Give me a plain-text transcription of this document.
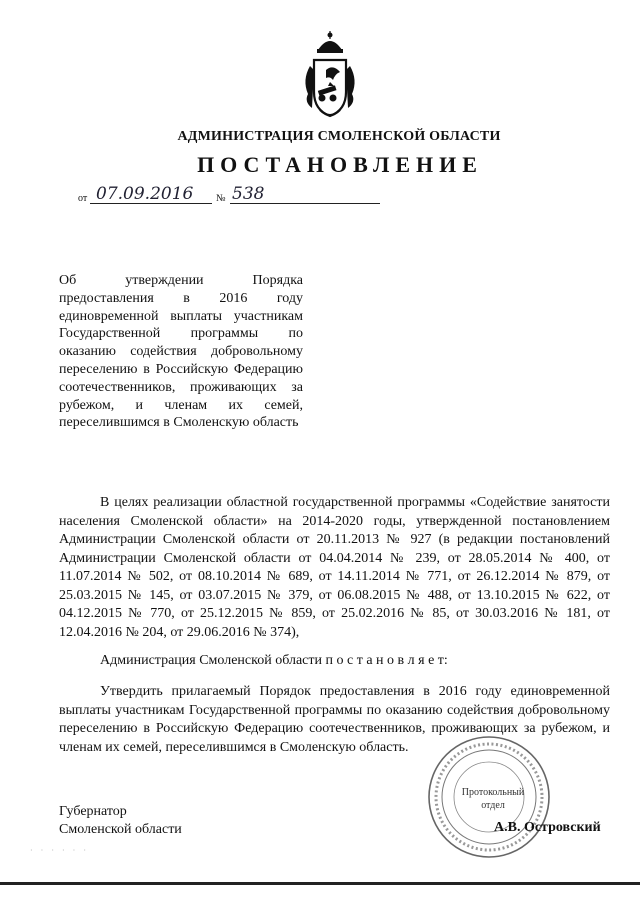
АДМИНИСТРАЦИЯ СМОЛЕНСКОЙ ОБЛАСТИ
ПОСТАНОВЛЕНИЕ
от 07.09.2016 № 538
Об утверждении Порядка предоставления в 2016 году единовременной выплаты участникам Государственной программы по оказанию содействия добровольному переселению в Российскую Федерацию соотечественников, проживающих за рубежом, и членам их семей, переселившимся в Смоленскую область
В целях реализации областной государственной программы «Содействие занятости населения Смоленской области» на 2014-2020 годы, утвержденной постановлением Администрации Смоленской области от 20.11.2013 № 927 (в редакции постановлений Администрации Смоленской области от 04.04.2014 № 239, от 28.05.2014 № 400, от 11.07.2014 № 502, от 08.10.2014 № 689, от 14.11.2014 № 771, от 26.12.2014 № 879, от 25.03.2015 № 145, от 03.07.2015 № 379, от 06.08.2015 № 488, от 13.10.2015 № 622, от 04.12.2015 № 770, от 25.12.2015 № 859, от 25.02.2016 № 85, от 30.03.2016 № 181, от 12.04.2016 № 204, от 29.06.2016 № 374),
Администрация Смоленской области п о с т а н о в л я е т:
Утвердить прилагаемый Порядок предоставления в 2016 году единовременной выплаты участникам Государственной программы по оказанию содействия добровольному переселению в Российскую Федерацию соотечественников, проживающих за рубежом, и членам их семей, переселившимся в Смоленскую область.
Губернатор
Смоленской области
Протокольный
отдел
А.В. Островский
· · · · · ·
